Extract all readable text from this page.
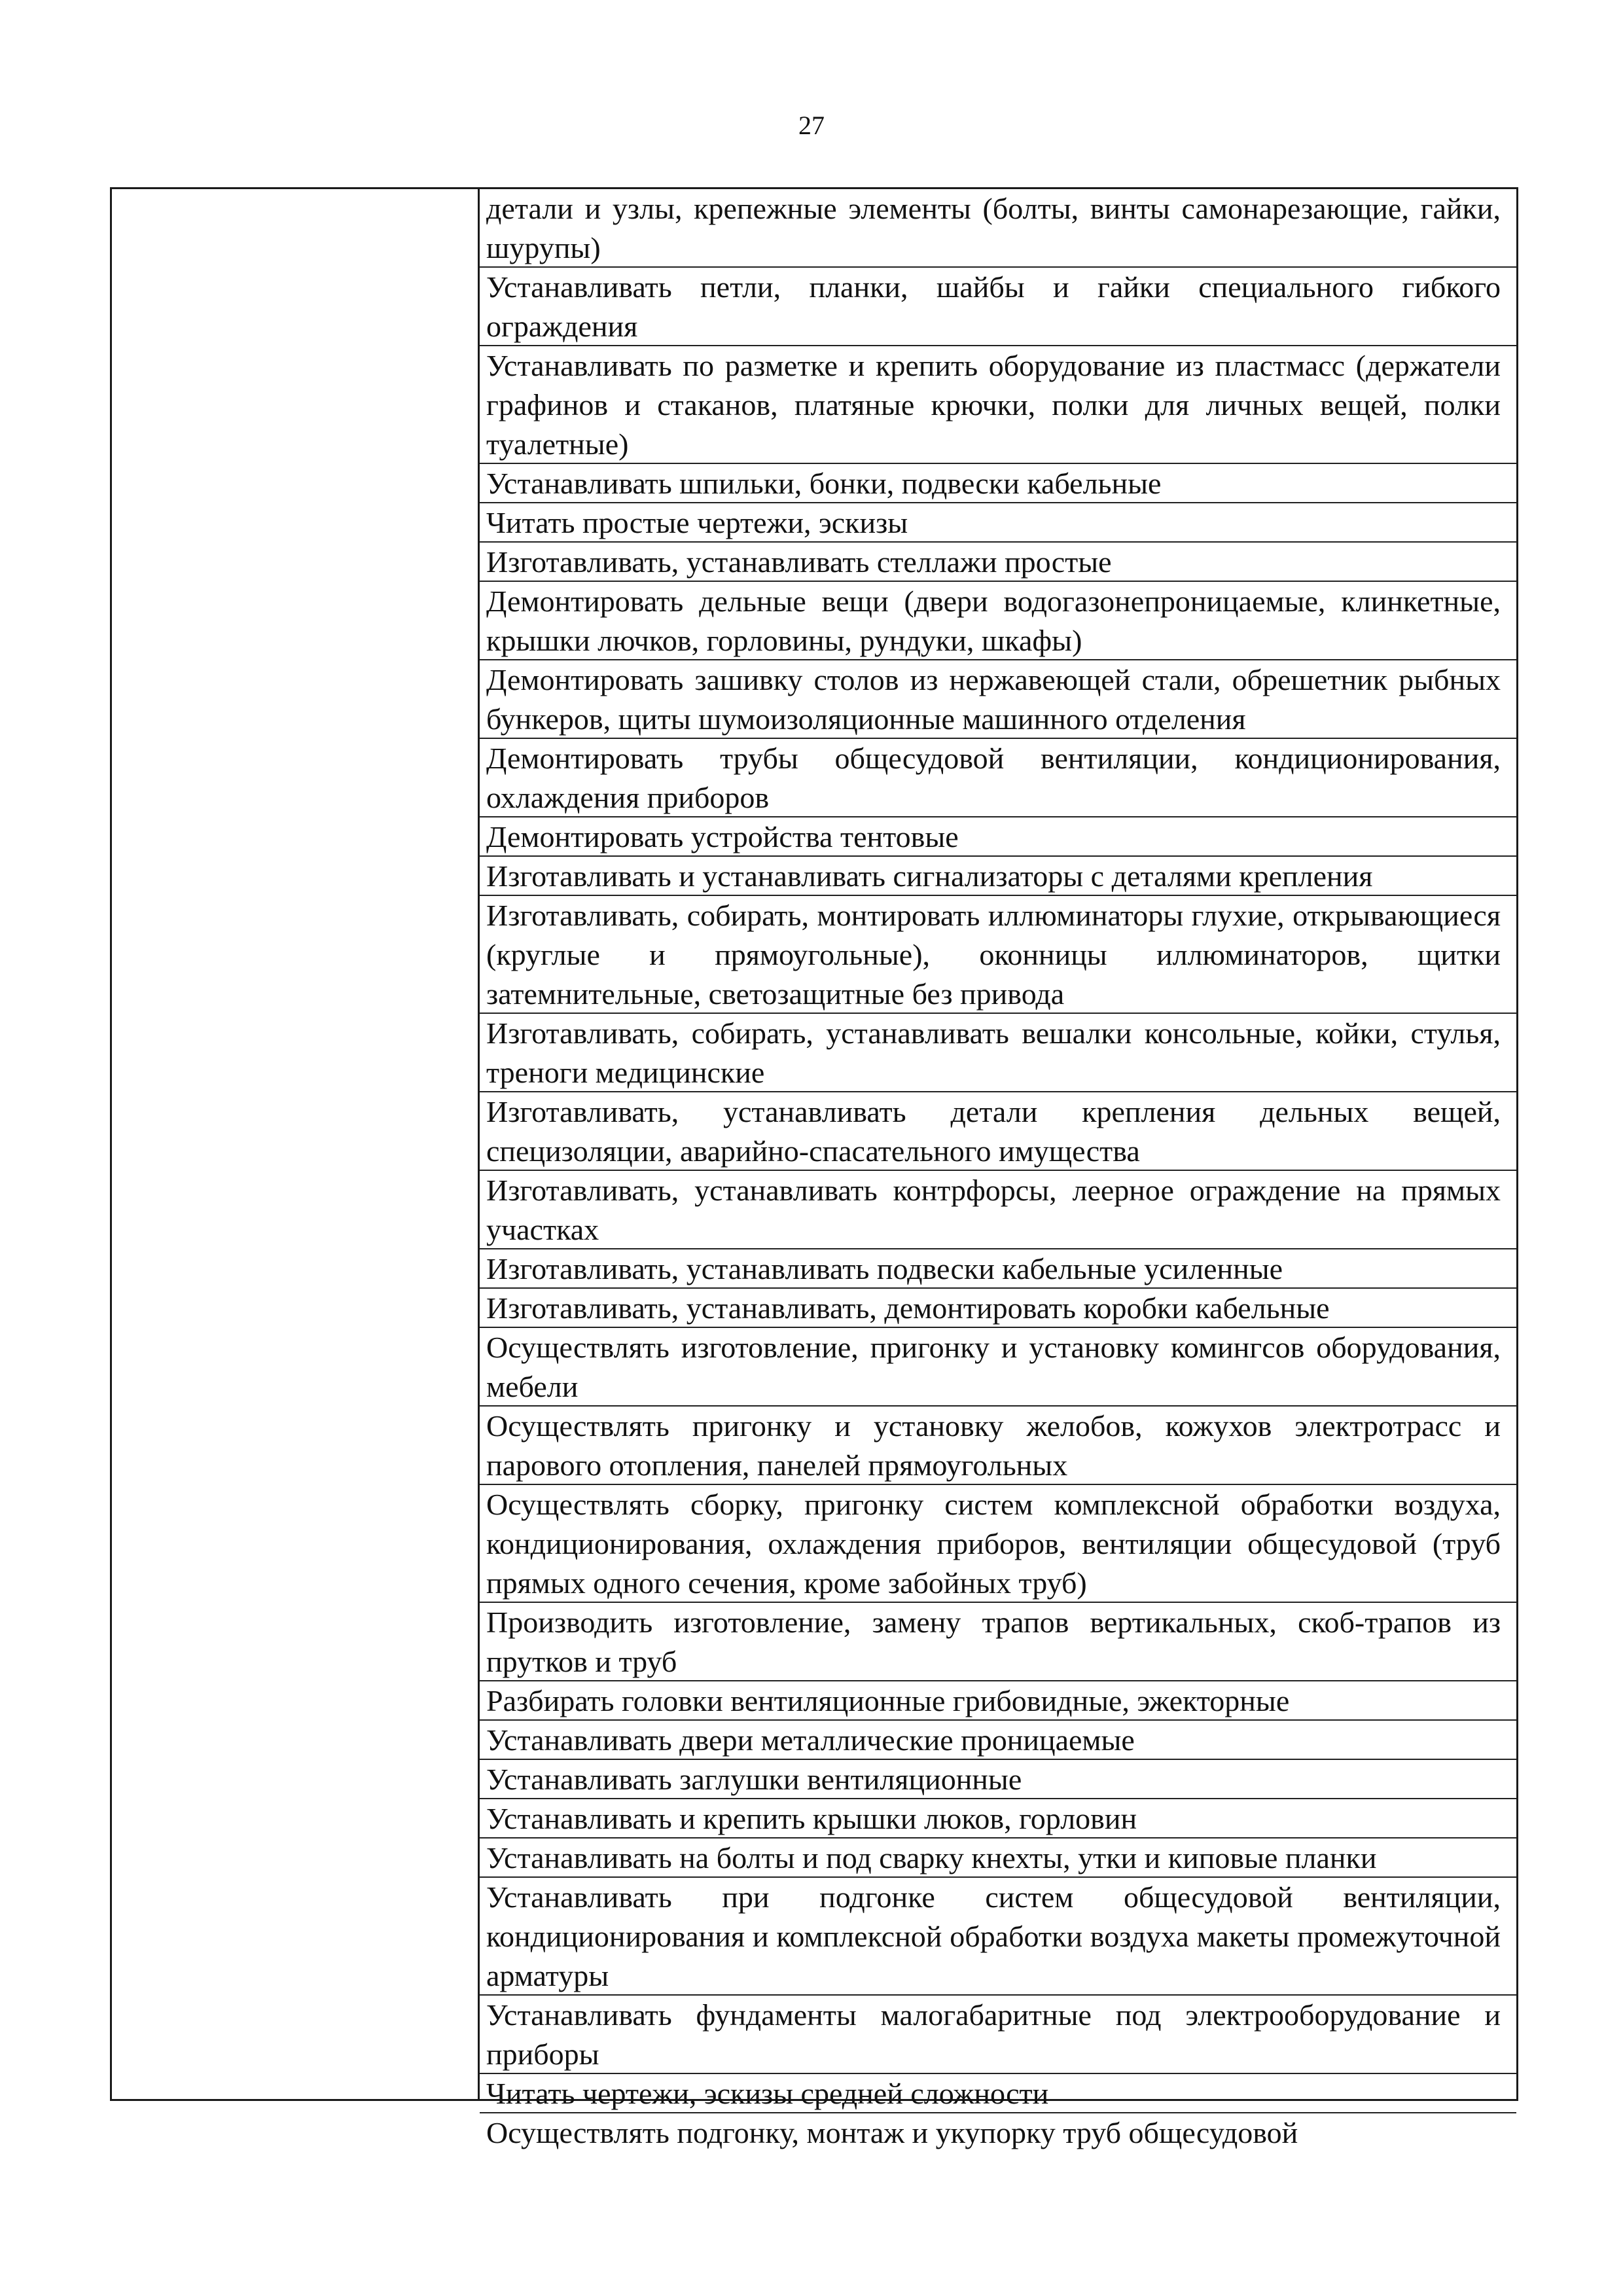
27
детали и узлы, крепежные элементы (болты, винты самонарезающие, гайки, шурупы)
Устанавливать петли, планки, шайбы и гайки специального гибкого ограждения
Устанавливать по разметке и крепить оборудование из пластмасс (держатели графинов и стаканов, платяные крючки, полки для личных вещей, полки туалетные)
Устанавливать шпильки, бонки, подвески кабельные
Читать простые чертежи, эскизы
Изготавливать, устанавливать стеллажи простые
Демонтировать дельные вещи (двери водогазонепроницаемые, клинкетные, крышки лючков, горловины, рундуки, шкафы)
Демонтировать зашивку столов из нержавеющей стали, обрешетник рыбных бункеров, щиты шумоизоляционные машинного отделения
Демонтировать трубы общесудовой вентиляции, кондиционирования, охлаждения приборов
Демонтировать устройства тентовые
Изготавливать и устанавливать сигнализаторы с деталями крепления
Изготавливать, собирать, монтировать иллюминаторы глухие, открывающиеся (круглые и прямоугольные), оконницы иллюминаторов, щитки затемнительные, светозащитные без привода
Изготавливать, собирать, устанавливать вешалки консольные, койки, стулья, треноги медицинские
Изготавливать, устанавливать детали крепления дельных вещей, специзоляции, аварийно-спасательного имущества
Изготавливать, устанавливать контрфорсы, леерное ограждение на прямых участках
Изготавливать, устанавливать подвески кабельные усиленные
Изготавливать, устанавливать, демонтировать коробки кабельные
Осуществлять изготовление, пригонку и установку комингсов оборудования, мебели
Осуществлять пригонку и установку желобов, кожухов электротрасс и парового отопления, панелей прямоугольных
Осуществлять сборку, пригонку систем комплексной обработки воздуха, кондиционирования, охлаждения приборов, вентиляции общесудовой (труб прямых одного сечения, кроме забойных труб)
Производить изготовление, замену трапов вертикальных, скоб-трапов из прутков и труб
Разбирать головки вентиляционные грибовидные, эжекторные
Устанавливать двери металлические проницаемые
Устанавливать заглушки вентиляционные
Устанавливать и крепить крышки люков, горловин
Устанавливать на болты и под сварку кнехты, утки и киповые планки
Устанавливать при подгонке систем общесудовой вентиляции, кондиционирования и комплексной обработки воздуха макеты промежуточной арматуры
Устанавливать фундаменты малогабаритные под электрооборудование и приборы
Читать чертежи, эскизы средней сложности
Осуществлять подгонку, монтаж и укупорку труб общесудовой
